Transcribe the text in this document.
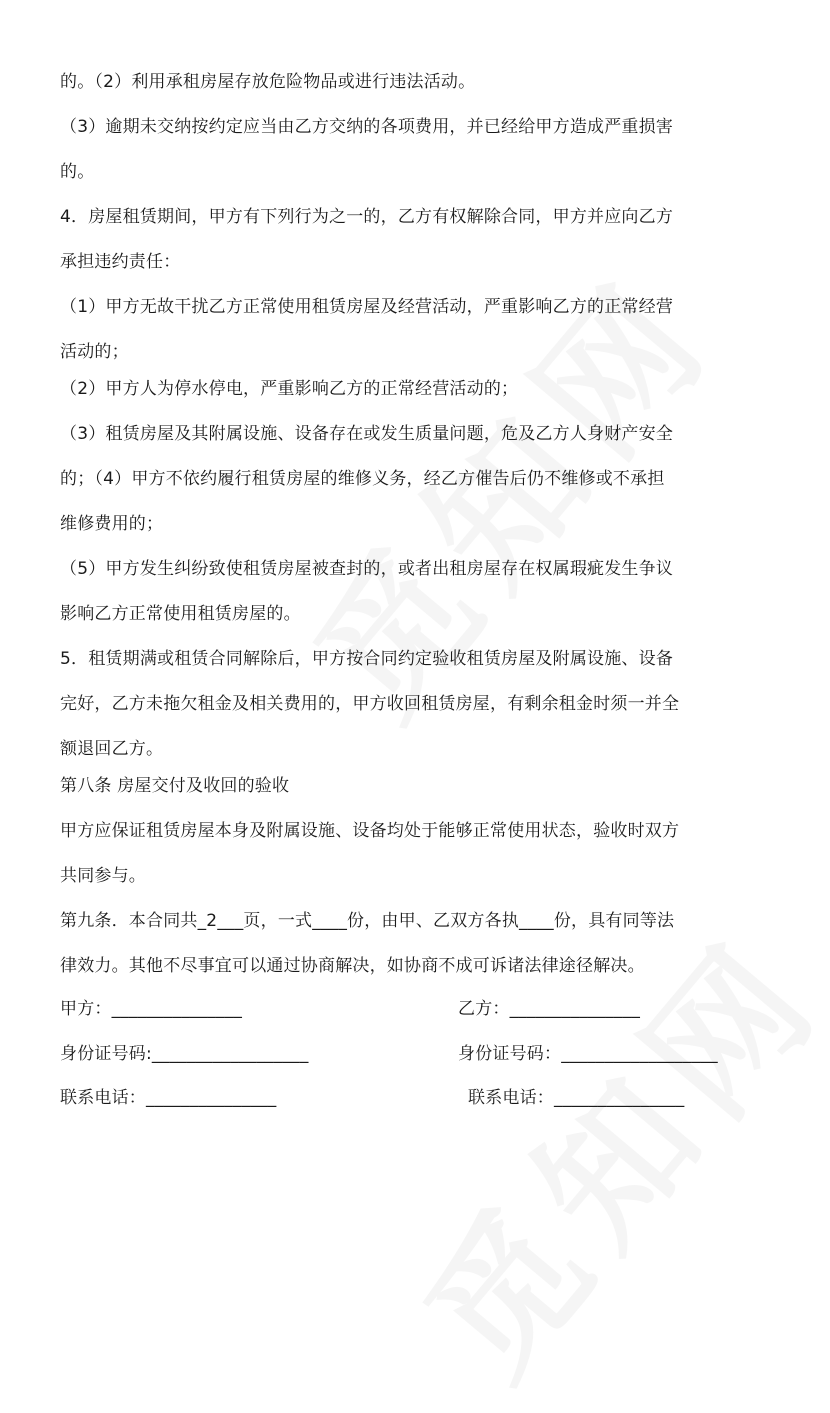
的。（2）利用承租房屋存放危险物品或进行违法活动。
（3）逾期未交纳按约定应当由乙方交纳的各项费用，并已经给甲方造成严重损害
的。
4．房屋租赁期间，甲方有下列行为之一的，乙方有权解除合同，甲方并应向乙方
承担违约责任：
（1）甲方无故干扰乙方正常使用租赁房屋及经营活动，严重影响乙方的正常经营
活动的；
（2）甲方人为停水停电，严重影响乙方的正常经营活动的；
（3）租赁房屋及其附属设施、设备存在或发生质量问题，危及乙方人身财产安全
的；（4）甲方不依约履行租赁房屋的维修义务，经乙方催告后仍不维修或不承担
维修费用的；
（5）甲方发生纠纷致使租赁房屋被查封的，或者出租房屋存在权属瑕疵发生争议
影响乙方正常使用租赁房屋的。
5．租赁期满或租赁合同解除后，甲方按合同约定验收租赁房屋及附属设施、设备
完好，乙方未拖欠租金及相关费用的，甲方收回租赁房屋，有剩余租金时须一并全
额退回乙方。
第八条 房屋交付及收回的验收
甲方应保证租赁房屋本身及附属设施、设备均处于能够正常使用状态，验收时双方
共同参与。
第九条．本合同共_2___页，一式____份，由甲、乙双方各执____份，具有同等法
律效力。其他不尽事宜可以通过协商解决，如协商不成可诉诸法律途径解决。
甲方：_______________	乙方：_______________
身份证号码:__________________	身份证号码：__________________
联系电话：_______________	联系电话：_______________
